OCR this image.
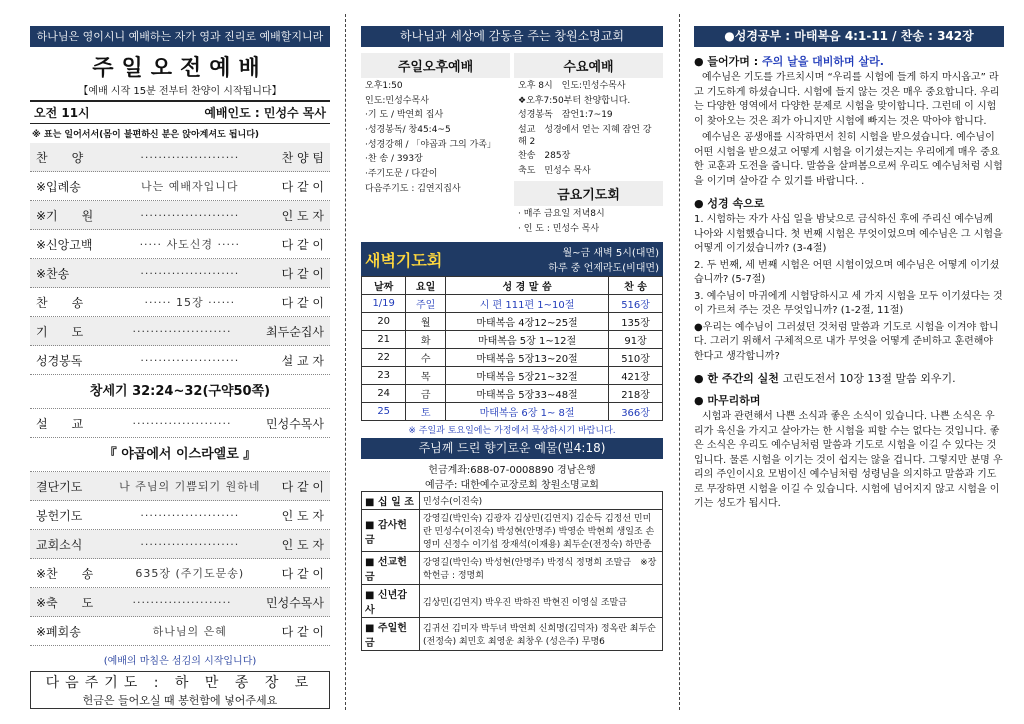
하나님은 영이시니 예배하는 자가 영과 진리로 예배할지니라
주일오전예배
【예배 시작 15분 전부터 찬양이 시작됩니다】
오전 11시	예배인도 : 민성수 목사
※ 표는 일어서서(몸이 불편하신 분은 앉아계셔도 됩니다)
찬　　양	······················	찬 양 팀
※입례송	나는 예배자입니다	다 같 이
※기　　원	······················	인 도 자
※신앙고백	····· 사도신경 ·····	다 같 이
※찬송	······················	다 같 이
찬　　송	······ 15장 ······	다 같 이
기　　도	······················	최두순집사
성경봉독	······················	설 교 자
창세기 32:24~32(구약50쪽)
설　　교	······················	민성수목사
『 야곱에서 이스라엘로 』
결단기도	나 주님의 기쁨되기 원하네	다 같 이
봉헌기도	······················	인 도 자
교회소식	······················	인 도 자
※찬　　송	635장 (주기도문송)	다 같 이
※축　　도	······················	민성수목사
※폐회송	하나님의 은혜	다 같 이
(예배의 마침은 섬김의 시작입니다)
다음주기도 : 하 만 종 장 로
헌금은 들어오실 때 봉헌함에 넣어주세요
하나님과 세상에 감동을 주는 창원소명교회
주일오후예배
오후1:50
인도:민성수목사
·기 도 / 박연희 집사
·성경봉독/ 창45:4~5
·성경강해 / 「야곱과 그의 가족」
·찬 송 / 393장
·주기도문 / 다같이
다음주기도 : 김연지집사
수요예배
오후 8시　인도:민성수목사
❖오후7:50부터 찬양합니다.
성경봉독　잠언1:7~19
설교　성경에서 얻는 지혜 잠언 강해 2
찬송　285장
축도　민성수 목사
금요기도회
· 매주 금요일 저녁8시
· 인 도 : 민성수 목사
새벽기도회	월~금 새벽 5시(대면)
하루 중 언제라도(비대면)
날짜	요일	성 경 말 씀	찬 송
1/19	주일	시 편 111편 1~10절	516장
20	월	마태복음 4장12~25절	135장
21	화	마태복음 5장 1~12절	91장
22	수	마태복음 5장13~20절	510장
23	목	마태복음 5장21~32절	421장
24	금	마태복음 5장33~48절	218장
25	토	마태복음 6장 1~ 8절	366장
※ 주일과 토요일에는 가정에서 묵상하시기 바랍니다.
주님께 드린 향기로운 예물(빌4:18)
헌금계좌:688-07-0008890 경남은행
예금주: 대한예수교장로회 창원소명교회
■ 십 일 조	민성수(이진숙)
■ 감사헌금	강영길(박인숙) 김광자 김상민(김연지) 김순득 김정선 민미란 민성수(이진숙) 박성현(안명주) 박영순 박현희 생일조 손영미 신정수 이기섭 장재석(이재용) 최두순(전정숙) 하만종
■ 선교헌금	강영길(박인숙) 박성현(안명주) 박정식 정명희 조말금　※장학헌금 : 정명희
■ 신년감사	김상민(김연지) 박우진 박하진 박현진 이영실 조말금
■ 주일헌금	김귀선 김미자 박두녀 박연희 신희명(김덕자) 정옥란 최두순(전정숙) 최민호 최영운 최창우 (성은주) 무명6
●성경공부 : 마태복음 4:1-11 / 찬송 : 342장
● 들어가며 : 주의 날을 대비하며 살라.
예수님은 기도를 가르치시며 “우리를 시험에 들게 하지 마시옵고” 라고 기도하게 하셨습니다. 시험에 들지 않는 것은 매우 중요합니다. 우리는 다양한 영역에서 다양한 문제로 시험을 맞이합니다. 그런데 이 시험이 찾아오는 것은 죄가 아니지만 시험에 빠지는 것은 막아야 합니다.
예수님은 공생애를 시작하면서 친히 시험을 받으셨습니다. 예수님이 어떤 시험을 받으셨고 어떻게 시험을 이기셨는지는 우리에게 매우 중요한 교훈과 도전을 줍니다. 말씀을 살펴봄으로써 우리도 예수님처럼 시험을 이기며 살아갈 수 있기를 바랍니다. .
● 성경 속으로
1. 시험하는 자가 사십 일을 밤낮으로 금식하신 후에 주리신 예수님께 나아와 시험했습니다. 첫 번째 시험은 무엇이었으며 예수님은 그 시험을 어떻게 이기셨습니까? (3-4절)
2. 두 번째, 세 번째 시험은 어떤 시험이었으며 예수님은 어떻게 이기셨습니까? (5-7절)
3. 예수님이 마귀에게 시험당하시고 세 가지 시험을 모두 이기셨다는 것이 가르쳐 주는 것은 무엇입니까? (1-2절, 11절)
●우리는 예수님이 그러셨던 것처럼 말씀과 기도로 시험을 이겨야 합니다. 그러기 위해서 구체적으로 내가 무엇을 어떻게 준비하고 훈련해야 한다고 생각합니까?
● 한 주간의 실천 고린도전서 10장 13절 말씀 외우기.
● 마무리하며
시험과 관련해서 나쁜 소식과 좋은 소식이 있습니다. 나쁜 소식은 우리가 육신을 가지고 살아가는 한 시험을 피할 수는 없다는 것입니다. 좋은 소식은 우리도 예수님처럼 말씀과 기도로 시험을 이길 수 있다는 것입니다. 물론 시험을 이기는 것이 쉽지는 않을 겁니다. 그렇지만 분명 우리의 주인이시요 모범이신 예수님처럼 성령님을 의지하고 말씀과 기도로 무장하면 시험을 이길 수 있습니다. 시험에 넘어지지 않고 시험을 이기는 성도가 됩시다.
